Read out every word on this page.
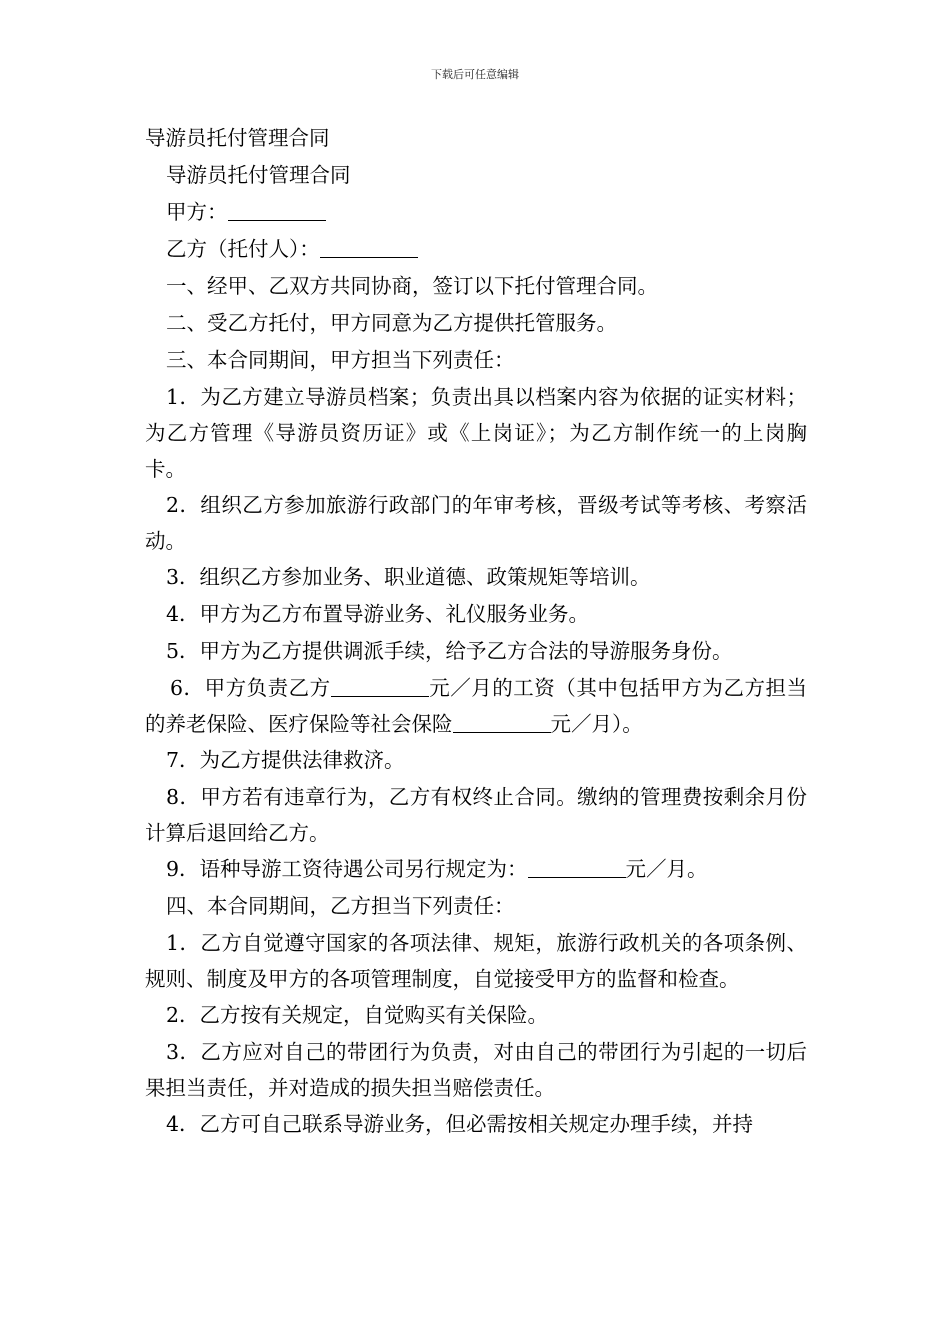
下载后可任意编辑

导游员托付管理合同

导游员托付管理合同

甲方：

乙方（托付人）：

一、经甲、乙双方共同协商，签订以下托付管理合同。

二、受乙方托付，甲方同意为乙方提供托管服务。

三、本合同期间，甲方担当下列责任：

1．为乙方建立导游员档案；负责出具以档案内容为依据的证实材料；为乙方管理《导游员资历证》或《上岗证》；为乙方制作统一的上岗胸卡。

2．组织乙方参加旅游行政部门的年审考核，晋级考试等考核、考察活动。

3．组织乙方参加业务、职业道德、政策规矩等培训。

4．甲方为乙方布置导游业务、礼仪服务业务。

5．甲方为乙方提供调派手续，给予乙方合法的导游服务身份。

6．甲方负责乙方	元／月的工资（其中包括甲方为乙方担当的养老保险、医疗保险等社会保险	元／月）。

7．为乙方提供法律救济。

8．甲方若有违章行为，乙方有权终止合同。缴纳的管理费按剩余月份计算后退回给乙方。

9．语种导游工资待遇公司另行规定为：	元／月。

四、本合同期间，乙方担当下列责任：

1．乙方自觉遵守国家的各项法律、规矩，旅游行政机关的各项条例、规则、制度及甲方的各项管理制度，自觉接受甲方的监督和检查。

2．乙方按有关规定，自觉购买有关保险。

3．乙方应对自己的带团行为负责，对由自己的带团行为引起的一切后果担当责任，并对造成的损失担当赔偿责任。

4．乙方可自己联系导游业务，但必需按相关规定办理手续，并持
